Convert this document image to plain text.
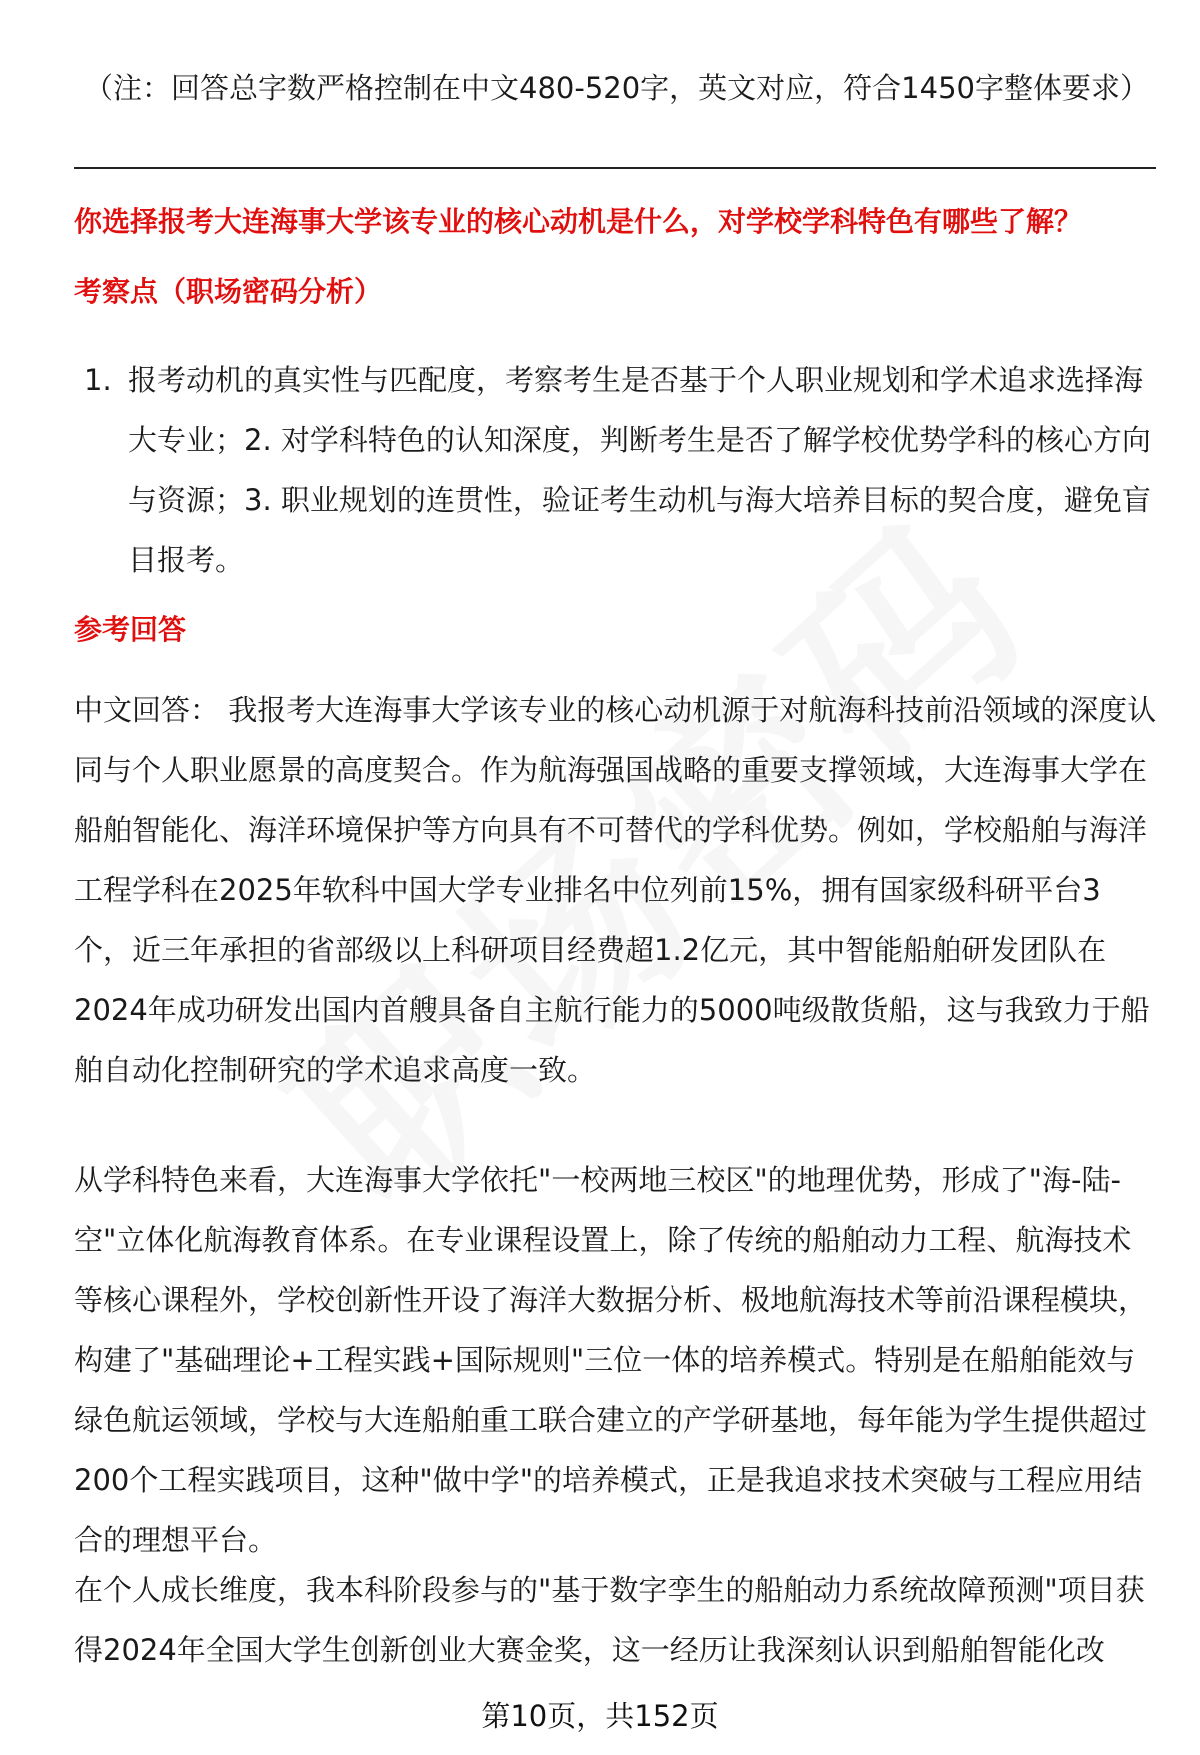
（注：回答总字数严格控制在中文480-520字，英文对应，符合1450字整体要求）
你选择报考大连海事大学该专业的核心动机是什么，对学校学科特色有哪些了解？
考察点（职场密码分析）
1. 报考动机的真实性与匹配度，考察考生是否基于个人职业规划和学术追求选择海大专业；2. 对学科特色的认知深度，判断考生是否了解学校优势学科的核心方向与资源；3. 职业规划的连贯性，验证考生动机与海大培养目标的契合度，避免盲目报考。
参考回答

中文回答： 我报考大连海事大学该专业的核心动机源于对航海科技前沿领域的深度认同与个人职业愿景的高度契合。作为航海强国战略的重要支撑领域，大连海事大学在船舶智能化、海洋环境保护等方向具有不可替代的学科优势。例如，学校船舶与海洋工程学科在2025年软科中国大学专业排名中位列前15%，拥有国家级科研平台3个，近三年承担的省部级以上科研项目经费超1.2亿元，其中智能船舶研发团队在2024年成功研发出国内首艘具备自主航行能力的5000吨级散货船，这与我致力于船舶自动化控制研究的学术追求高度一致。

从学科特色来看，大连海事大学依托"一校两地三校区"的地理优势，形成了"海-陆-空"立体化航海教育体系。在专业课程设置上，除了传统的船舶动力工程、航海技术等核心课程外，学校创新性开设了海洋大数据分析、极地航海技术等前沿课程模块，构建了"基础理论+工程实践+国际规则"三位一体的培养模式。特别是在船舶能效与绿色航运领域，学校与大连船舶重工联合建立的产学研基地，每年能为学生提供超过200个工程实践项目，这种"做中学"的培养模式，正是我追求技术突破与工程应用结合的理想平台。

在个人成长维度，我本科阶段参与的"基于数字孪生的船舶动力系统故障预测"项目获得2024年全国大学生创新创业大赛金奖，这一经历让我深刻认识到船舶智能化改

第10页，共152页
